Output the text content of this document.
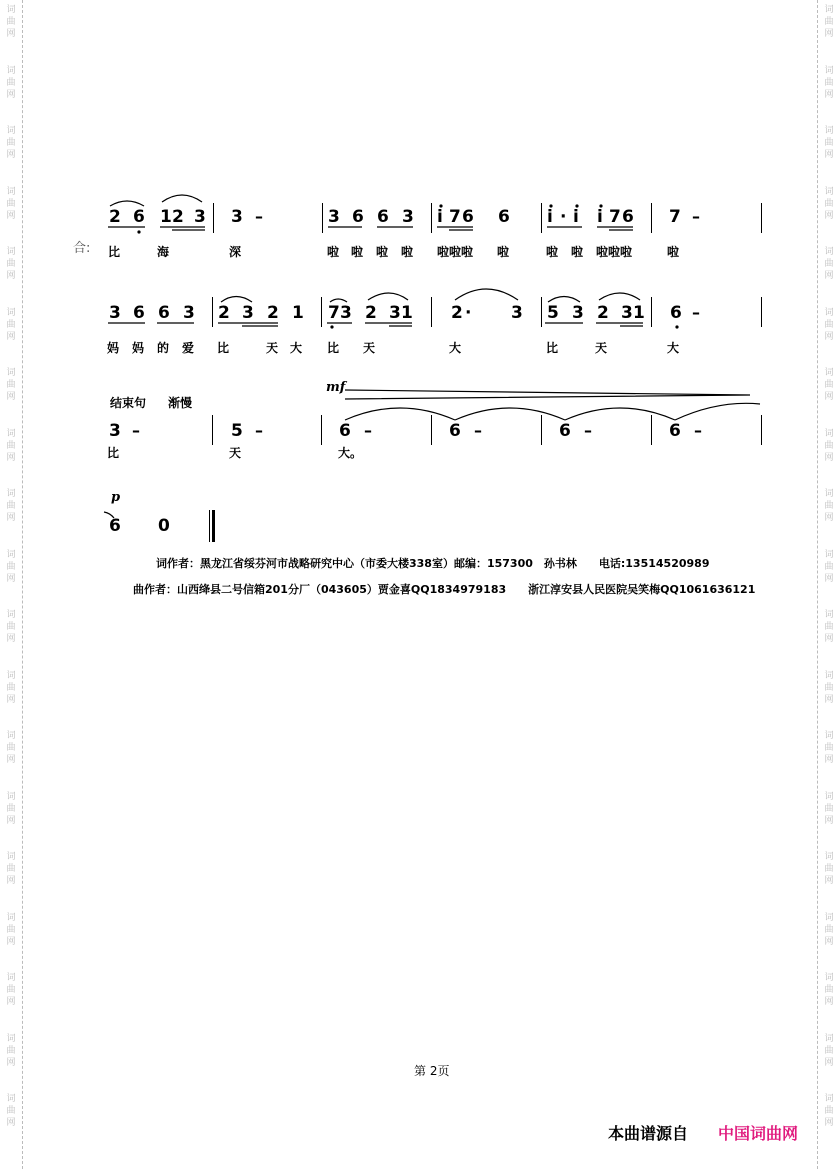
词
曲
网
词
曲
网
词
曲
网
词
曲
网
词
曲
网
词
曲
网
词
曲
网
词
曲
网
词
曲
网
词
曲
网
词
曲
网
词
曲
网
词
曲
网
词
曲
网
词
曲
网
词
曲
网
词
曲
网
词
曲
网
词
曲
网
词
曲
网
词
曲
网
词
曲
网
词
曲
网
词
曲
网
词
曲
网
词
曲
网
词
曲
网
词
曲
网
词
曲
网
词
曲
网
词
曲
网
词
曲
网
词
曲
网
词
曲
网
词
曲
网
词
曲
网
词
曲
网
词
曲
网
合:
2 6 1 2 3 3 –	3 6 6 3 i 7 6 6 i · i i 7 6 7 –
比	海	深	啦 啦 啦 啦 啦啦啦 啦	啦 啦 啦啦啦	啦
3 6 6 3 2 3 2 1 7 3 2 3 1 2 · 3 5 3 2 3 1 6 –
妈 妈 的 爱 比	天 大 比 天	大	比	天	大
结束句 渐慢
mf
3 –	5 –	6 –	6 –	6 –	6 –
比	天	大。
p
6 0
词作者：黑龙江省绥芬河市战略研究中心（市委大楼338室）邮编：157300　孙书林　　电话:13514520989
曲作者：山西绛县二号信箱201分厂（043605）贾金喜QQ1834979183　　浙江淳安县人民医院吴笑梅QQ1061636121
第 2页
本曲谱源自 中国词曲网
